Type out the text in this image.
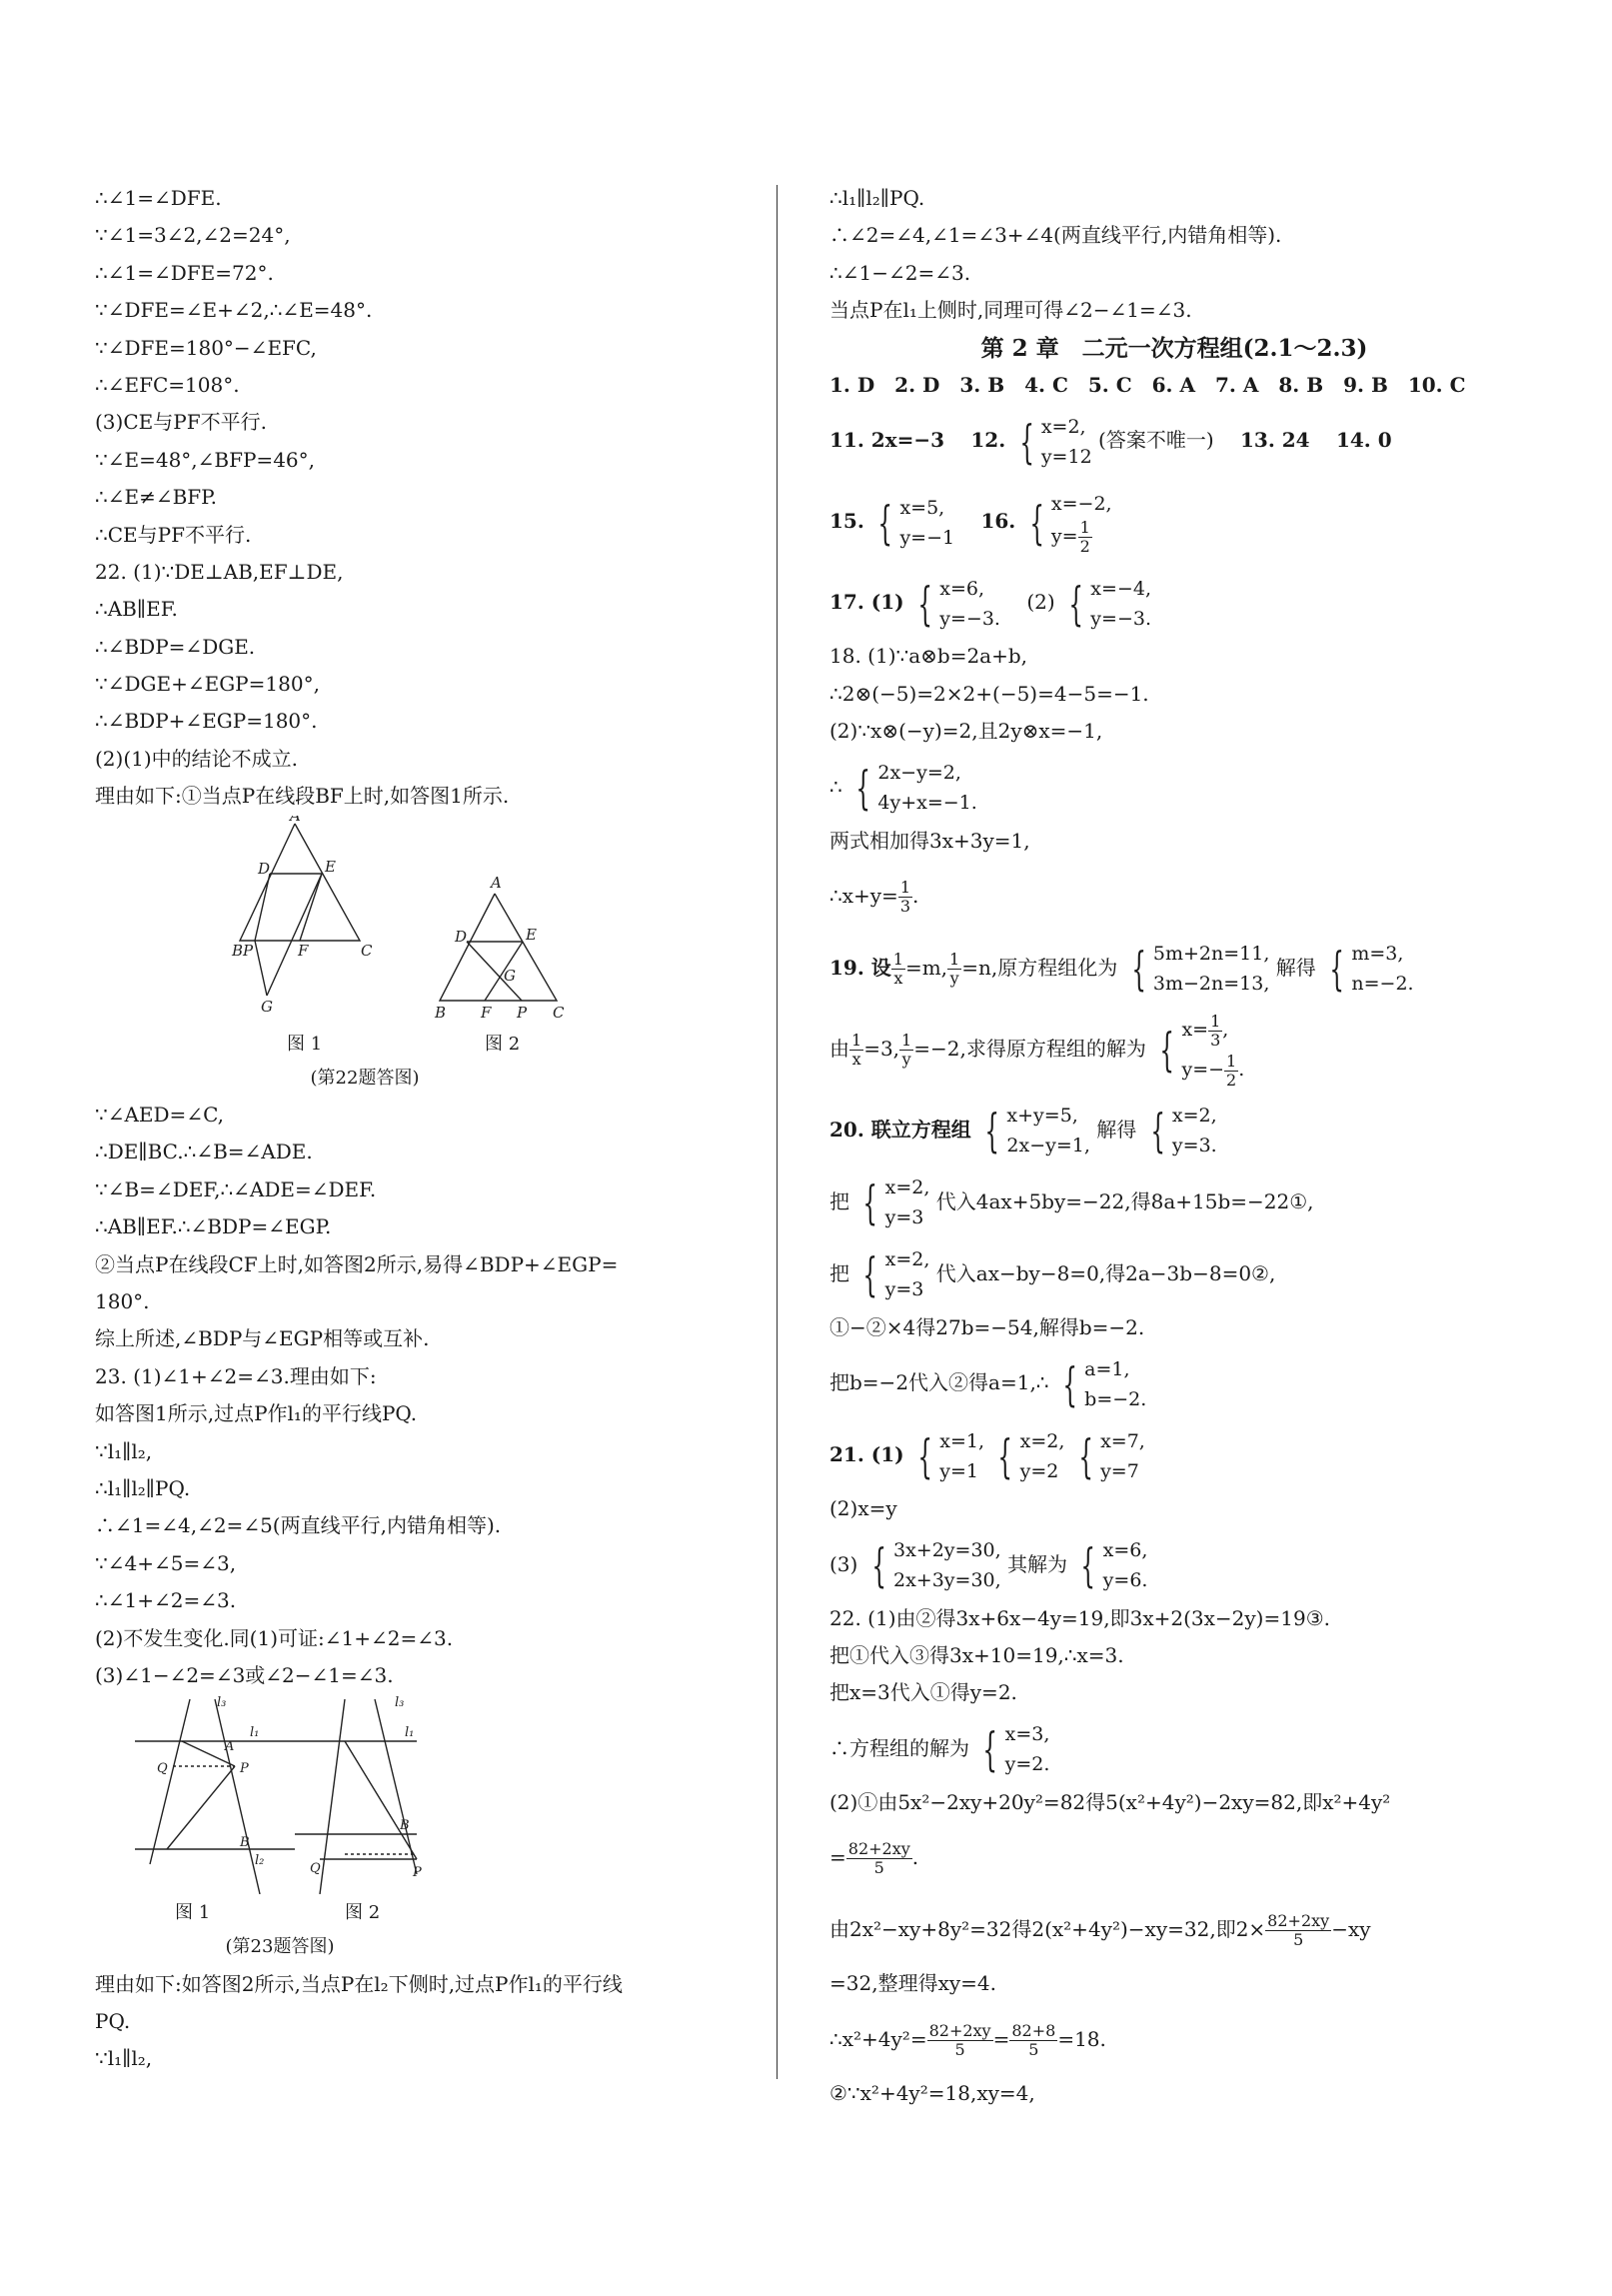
∴∠1=∠DFE.
∵∠1=3∠2,∠2=24°,
∴∠1=∠DFE=72°.
∵∠DFE=∠E+∠2,∴∠E=48°.
∵∠DFE=180°−∠EFC,
∴∠EFC=108°.
(3)CE与PF不平行.
∵∠E=48°,∠BFP=46°,
∴∠E≠∠BFP.
∴CE与PF不平行.
22. (1)∵DE⊥AB,EF⊥DE,
∴AB∥EF.
∴∠BDP=∠DGE.
∵∠DGE+∠EGP=180°,
∴∠BDP+∠EGP=180°.
(2)(1)中的结论不成立.
理由如下:①当点P在线段BF上时,如答图1所示.
A
D	E
BP	F	C
G
A
D	E
G
B F P C
图 1	图 2
(第22题答图)
∵∠AED=∠C,
∴DE∥BC.∴∠B=∠ADE.
∵∠B=∠DEF,∴∠ADE=∠DEF.
∴AB∥EF.∴∠BDP=∠EGP.
②当点P在线段CF上时,如答图2所示,易得∠BDP+∠EGP=
180°.
综上所述,∠BDP与∠EGP相等或互补.
23. (1)∠1+∠2=∠3.理由如下:
如答图1所示,过点P作l₁的平行线PQ.
∵l₁∥l₂,
∴l₁∥l₂∥PQ.
∴∠1=∠4,∠2=∠5(两直线平行,内错角相等).
∵∠4+∠5=∠3,
∴∠1+∠2=∠3.
(2)不发生变化.同(1)可证:∠1+∠2=∠3.
(3)∠1−∠2=∠3或∠2−∠1=∠3.
l₃
l₁
A
Q	P
B
l₂
l₃
l₁
B
Q	P
图 1	图 2
(第23题答图)
理由如下:如答图2所示,当点P在l₂下侧时,过点P作l₁的平行线
PQ.
∵l₁∥l₂,
∴l₁∥l₂∥PQ.
∴∠2=∠4,∠1=∠3+∠4(两直线平行,内错角相等).
∴∠1−∠2=∠3.
当点P在l₁上侧时,同理可得∠2−∠1=∠3.
第 2 章　二元一次方程组(2.1～2.3)
1. D　2. D　3. B　4. C　5. C　6. A　7. A　8. B　9. B　10. C
11. 2x=−3　 12. { x=2,
y=12
(答案不唯一)　 13. 24　 14. 0
15. { x=5,
y=−1
　16. { x=−2,
$y= \frac{1}{2}$
17. (1) { x=6,
y=−3.
　(2) { x=−4,
y=−3.
18. (1)∵a⊗b=2a+b,
∴2⊗(−5)=2×2+(−5)=4−5=−1.
(2)∵x⊗(−y)=2,且2y⊗x=−1,
∴ { 2x−y=2,
4y+x=−1.
两式相加得3x+3y=1,
∴x+y= $\frac{1}{3}$ .
19. 设 $\frac{1}{x} =m$, $\frac{1}{y} =n$,原方程组化为 { 5m+2n=11,
3m−2n=13,
解得 { m=3,
n=−2.
由 $\frac{1}{x} =3$, $\frac{1}{y} =-2$,求得原方程组的解为 { $x= \frac{1}{3}$ ,
$y=- \frac{1}{2}$ .
20. 联立方程组 { x+y=5,
2x−y=1,
解得 { x=2,
y=3.
把 { x=2,
y=3
代入4ax+5by=−22,得8a+15b=−22①,
把 { x=2,
y=3
代入ax−by−8=0,得2a−3b−8=0②,
①−②×4得27b=−54,解得b=−2.
把b=−2代入②得a=1,∴ { a=1,
b=−2.
21. (1) { x=1,
y=1
{ x=2,
y=2
{ x=7,
y=7
(2)x=y
(3) { 3x+2y=30,
2x+3y=30,
其解为 { x=6,
y=6.
22. (1)由②得3x+6x−4y=19,即3x+2(3x−2y)=19③.
把①代入③得3x+10=19,∴x=3.
把x=3代入①得y=2.
∴方程组的解为 { x=3,
y=2.
(2)①由5x²−2xy+20y²=82得5(x²+4y²)−2xy=82,即x²+4y²
= $\frac{82+2xy}{5}$ .
由2x²−xy+8y²=32得2(x²+4y²)−xy=32,即$2\times \frac{82+2xy}{5} -xy$
=32,整理得xy=4.
∴x²+4y²= $\frac{82+2xy}{5} = \frac{82+8}{5} =18$.
②∵x²+4y²=18,xy=4,
